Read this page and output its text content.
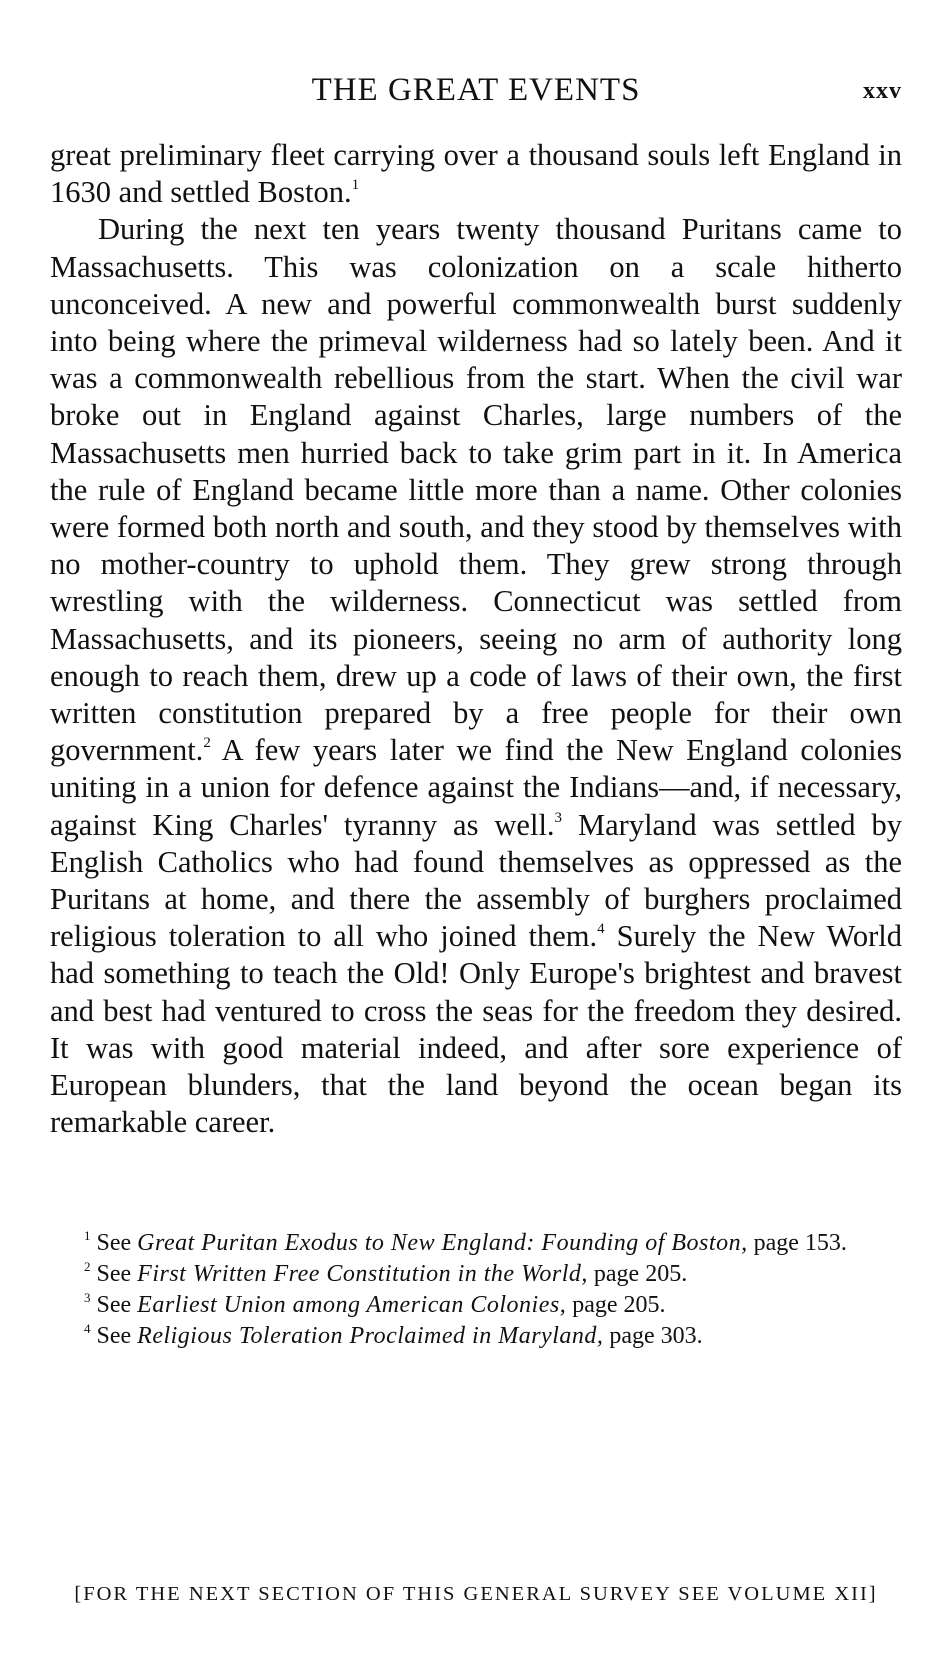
THE GREAT EVENTS	xxv

great preliminary fleet carrying over a thousand souls left England in 1630 and settled Boston.$^1$

During the next ten years twenty thousand Puritans came to Massachusetts. This was colonization on a scale hitherto unconceived. A new and powerful commonwealth burst suddenly into being where the primeval wilderness had so lately been. And it was a commonwealth rebellious from the start. When the civil war broke out in England against Charles, large numbers of the Massachusetts men hurried back to take grim part in it. In America the rule of England became little more than a name. Other colonies were formed both north and south, and they stood by themselves with no mother-country to uphold them. They grew strong through wrestling with the wilderness. Connecticut was settled from Massachusetts, and its pioneers, seeing no arm of authority long enough to reach them, drew up a code of laws of their own, the first written constitution prepared by a free people for their own government.$^2$ A few years later we find the New England colonies uniting in a union for defence against the Indians—and, if necessary, against King Charles' tyranny as well.$^3$ Maryland was settled by English Catholics who had found themselves as oppressed as the Puritans at home, and there the assembly of burghers proclaimed religious toleration to all who joined them.$^4$ Surely the New World had something to teach the Old! Only Europe's brightest and bravest and best had ventured to cross the seas for the freedom they desired. It was with good material indeed, and after sore experience of European blunders, that the land beyond the ocean began its remarkable career.

$^1$ See Great Puritan Exodus to New England: Founding of Boston, page 153.

$^2$ See First Written Free Constitution in the World, page 205.

$^3$ See Earliest Union among American Colonies, page 205.

$^4$ See Religious Toleration Proclaimed in Maryland, page 303.

[FOR THE NEXT SECTION OF THIS GENERAL SURVEY SEE VOLUME XII]
